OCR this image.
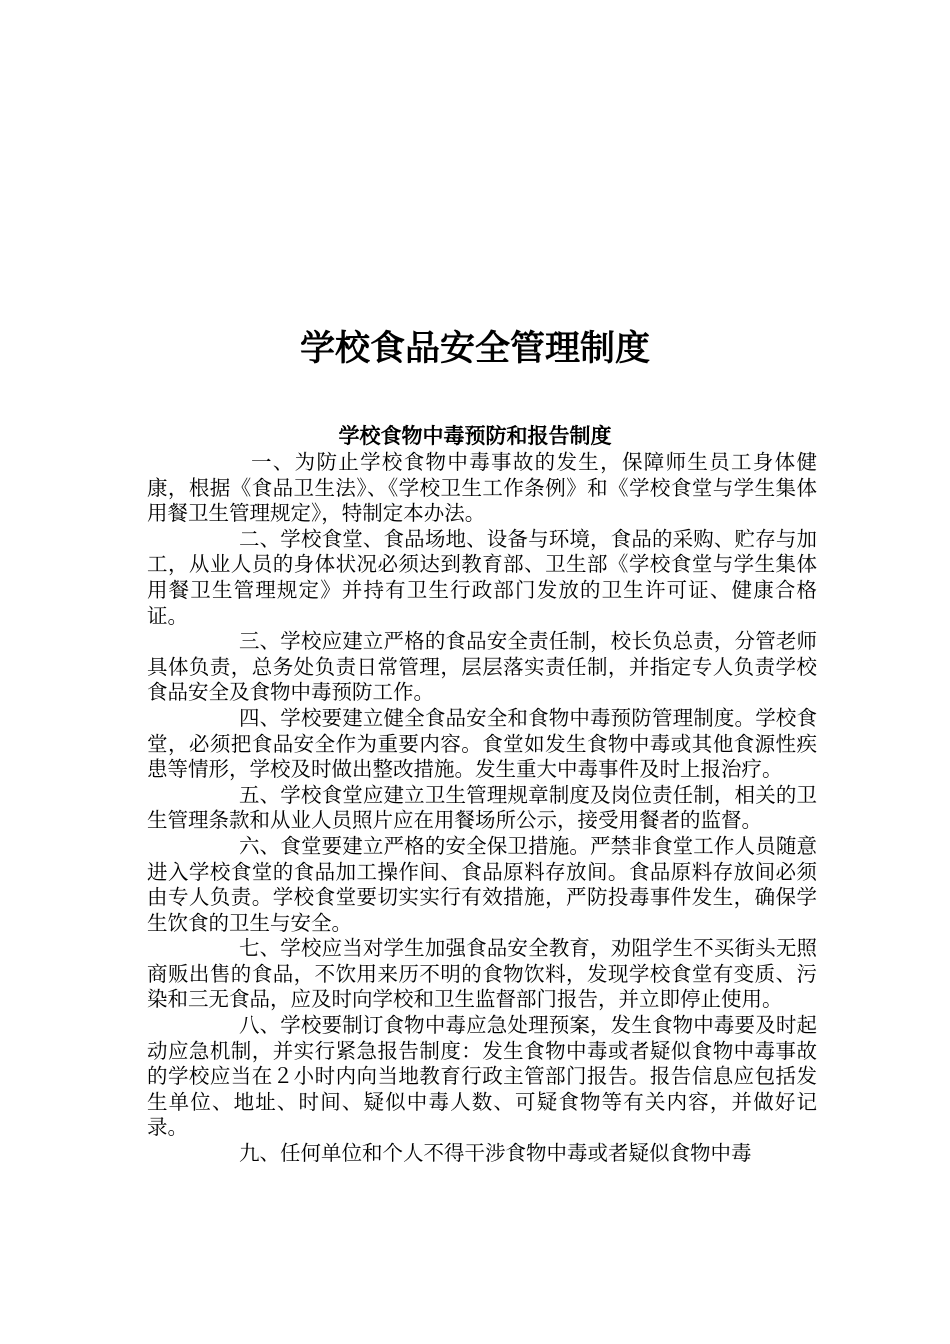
学校食品安全管理制度
学校食物中毒预防和报告制度

一、为防止学校食物中毒事故的发生，保障师生员工身体健康，根据《食品卫生法》、《学校卫生工作条例》和《学校食堂与学生集体用餐卫生管理规定》，特制定本办法。

二、学校食堂、食品场地、设备与环境，食品的采购、贮存与加工，从业人员的身体状况必须达到教育部、卫生部《学校食堂与学生集体用餐卫生管理规定》并持有卫生行政部门发放的卫生许可证、健康合格证。

三、学校应建立严格的食品安全责任制，校长负总责，分管老师具体负责，总务处负责日常管理，层层落实责任制，并指定专人负责学校食品安全及食物中毒预防工作。

四、学校要建立健全食品安全和食物中毒预防管理制度。学校食堂，必须把食品安全作为重要内容。食堂如发生食物中毒或其他食源性疾患等情形，学校及时做出整改措施。发生重大中毒事件及时上报治疗。

五、学校食堂应建立卫生管理规章制度及岗位责任制，相关的卫生管理条款和从业人员照片应在用餐场所公示，接受用餐者的监督。

六、食堂要建立严格的安全保卫措施。严禁非食堂工作人员随意进入学校食堂的食品加工操作间、食品原料存放间。食品原料存放间必须由专人负责。学校食堂要切实实行有效措施，严防投毒事件发生，确保学生饮食的卫生与安全。

七、学校应当对学生加强食品安全教育，劝阻学生不买街头无照商贩出售的食品，不饮用来历不明的食物饮料，发现学校食堂有变质、污染和三无食品，应及时向学校和卫生监督部门报告，并立即停止使用。

八、学校要制订食物中毒应急处理预案，发生食物中毒要及时起动应急机制，并实行紧急报告制度：发生食物中毒或者疑似食物中毒事故的学校应当在２小时内向当地教育行政主管部门报告。报告信息应包括发生单位、地址、时间、疑似中毒人数、可疑食物等有关内容，并做好记录。

九、任何单位和个人不得干涉食物中毒或者疑似食物中毒
